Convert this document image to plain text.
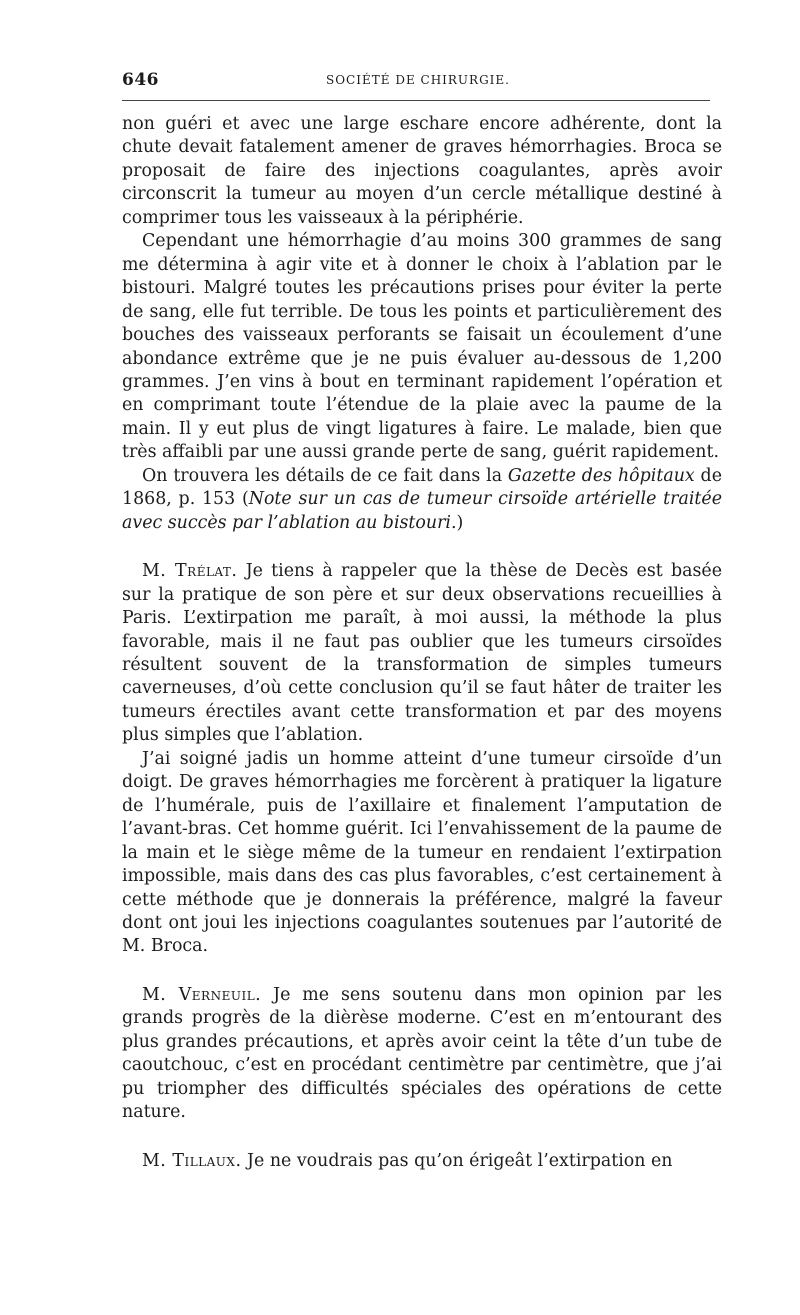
646	SOCIÉTÉ DE CHIRURGIE.

non guéri et avec une large eschare encore adhérente, dont la chute devait fatalement amener de graves hémorrhagies. Broca se proposait de faire des injections coagulantes, après avoir circonscrit la tumeur au moyen d’un cercle métallique destiné à comprimer tous les vaisseaux à la périphérie.

Cependant une hémorrhagie d’au moins 300 grammes de sang me détermina à agir vite et à donner le choix à l’ablation par le bistouri. Malgré toutes les précautions prises pour éviter la perte de sang, elle fut terrible. De tous les points et particulièrement des bouches des vaisseaux perforants se faisait un écoulement d’une abondance extrême que je ne puis évaluer au-dessous de 1,200 grammes. J’en vins à bout en terminant rapidement l’opération et en comprimant toute l’étendue de la plaie avec la paume de la main. Il y eut plus de vingt ligatures à faire. Le malade, bien que très affaibli par une aussi grande perte de sang, guérit rapidement.

On trouvera les détails de ce fait dans la Gazette des hôpitaux de 1868, p. 153 (Note sur un cas de tumeur cirsoïde artérielle traitée avec succès par l’ablation au bistouri.)

M. Trélat. Je tiens à rappeler que la thèse de Decès est basée sur la pratique de son père et sur deux observations recueillies à Paris. L’extirpation me paraît, à moi aussi, la méthode la plus favorable, mais il ne faut pas oublier que les tumeurs cirsoïdes résultent souvent de la transformation de simples tumeurs caverneuses, d’où cette conclusion qu’il se faut hâter de traiter les tumeurs érectiles avant cette transformation et par des moyens plus simples que l’ablation.

J’ai soigné jadis un homme atteint d’une tumeur cirsoïde d’un doigt. De graves hémorrhagies me forcèrent à pratiquer la ligature de l’humérale, puis de l’axillaire et finalement l’amputation de l’avant-bras. Cet homme guérit. Ici l’envahissement de la paume de la main et le siège même de la tumeur en rendaient l’extirpation impossible, mais dans des cas plus favorables, c’est certainement à cette méthode que je donnerais la préférence, malgré la faveur dont ont joui les injections coagulantes soutenues par l’autorité de M. Broca.

M. Verneuil. Je me sens soutenu dans mon opinion par les grands progrès de la dièrèse moderne. C’est en m’entourant des plus grandes précautions, et après avoir ceint la tête d’un tube de caoutchouc, c’est en procédant centimètre par centimètre, que j’ai pu triompher des difficultés spéciales des opérations de cette nature.

M. Tillaux. Je ne voudrais pas qu’on érigeât l’extirpation en
